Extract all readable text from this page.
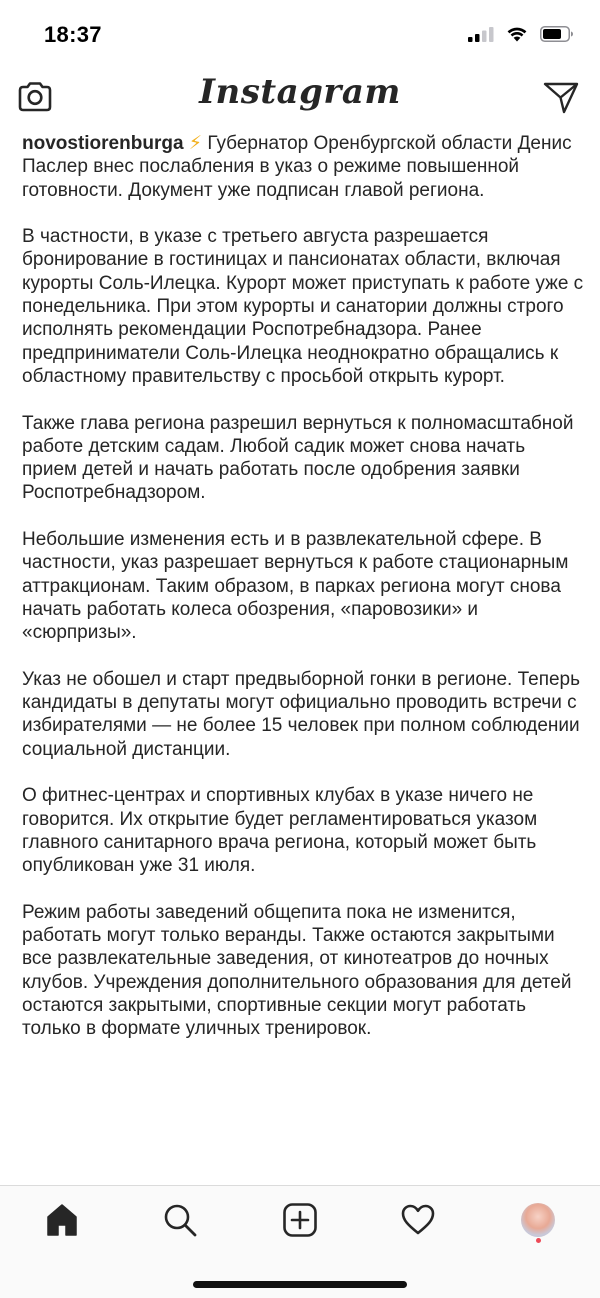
18:37
Instagram

novostiorenburga ⚡ Губернатор Оренбургской области Денис Паслер внес послабления в указ о режиме повышенной готовности. Документ уже подписан главой региона.

В частности, в указе с третьего августа разрешается бронирование в гостиницах и пансионатах области, включая курорты Соль-Илецка. Курорт может приступать к работе уже с понедельника. При этом курорты и санатории должны строго исполнять рекомендации Роспотребнадзора. Ранее предприниматели Соль-Илецка неоднократно обращались к областному правительству с просьбой открыть курорт.

Также глава региона разрешил вернуться к полномасштабной работе детским садам. Любой садик может снова начать прием детей и начать работать после одобрения заявки Роспотребнадзором.

Небольшие изменения есть и в развлекательной сфере. В частности, указ разрешает вернуться к работе стационарным аттракционам. Таким образом, в парках региона могут снова начать работать колеса обозрения, «паровозики» и «сюрпризы».

Указ не обошел и старт предвыборной гонки в регионе. Теперь кандидаты в депутаты могут официально проводить встречи с избирателями — не более 15 человек при полном соблюдении социальной дистанции.

О фитнес-центрах и спортивных клубах в указе ничего не говорится. Их открытие будет регламентироваться указом главного санитарного врача региона, который может быть опубликован уже 31 июля.

Режим работы заведений общепита пока не изменится, работать могут только веранды. Также остаются закрытыми все развлекательные заведения, от кинотеатров до ночных клубов. Учреждения дополнительного образования для детей остаются закрытыми, спортивные секции могут работать только в формате уличных тренировок.
